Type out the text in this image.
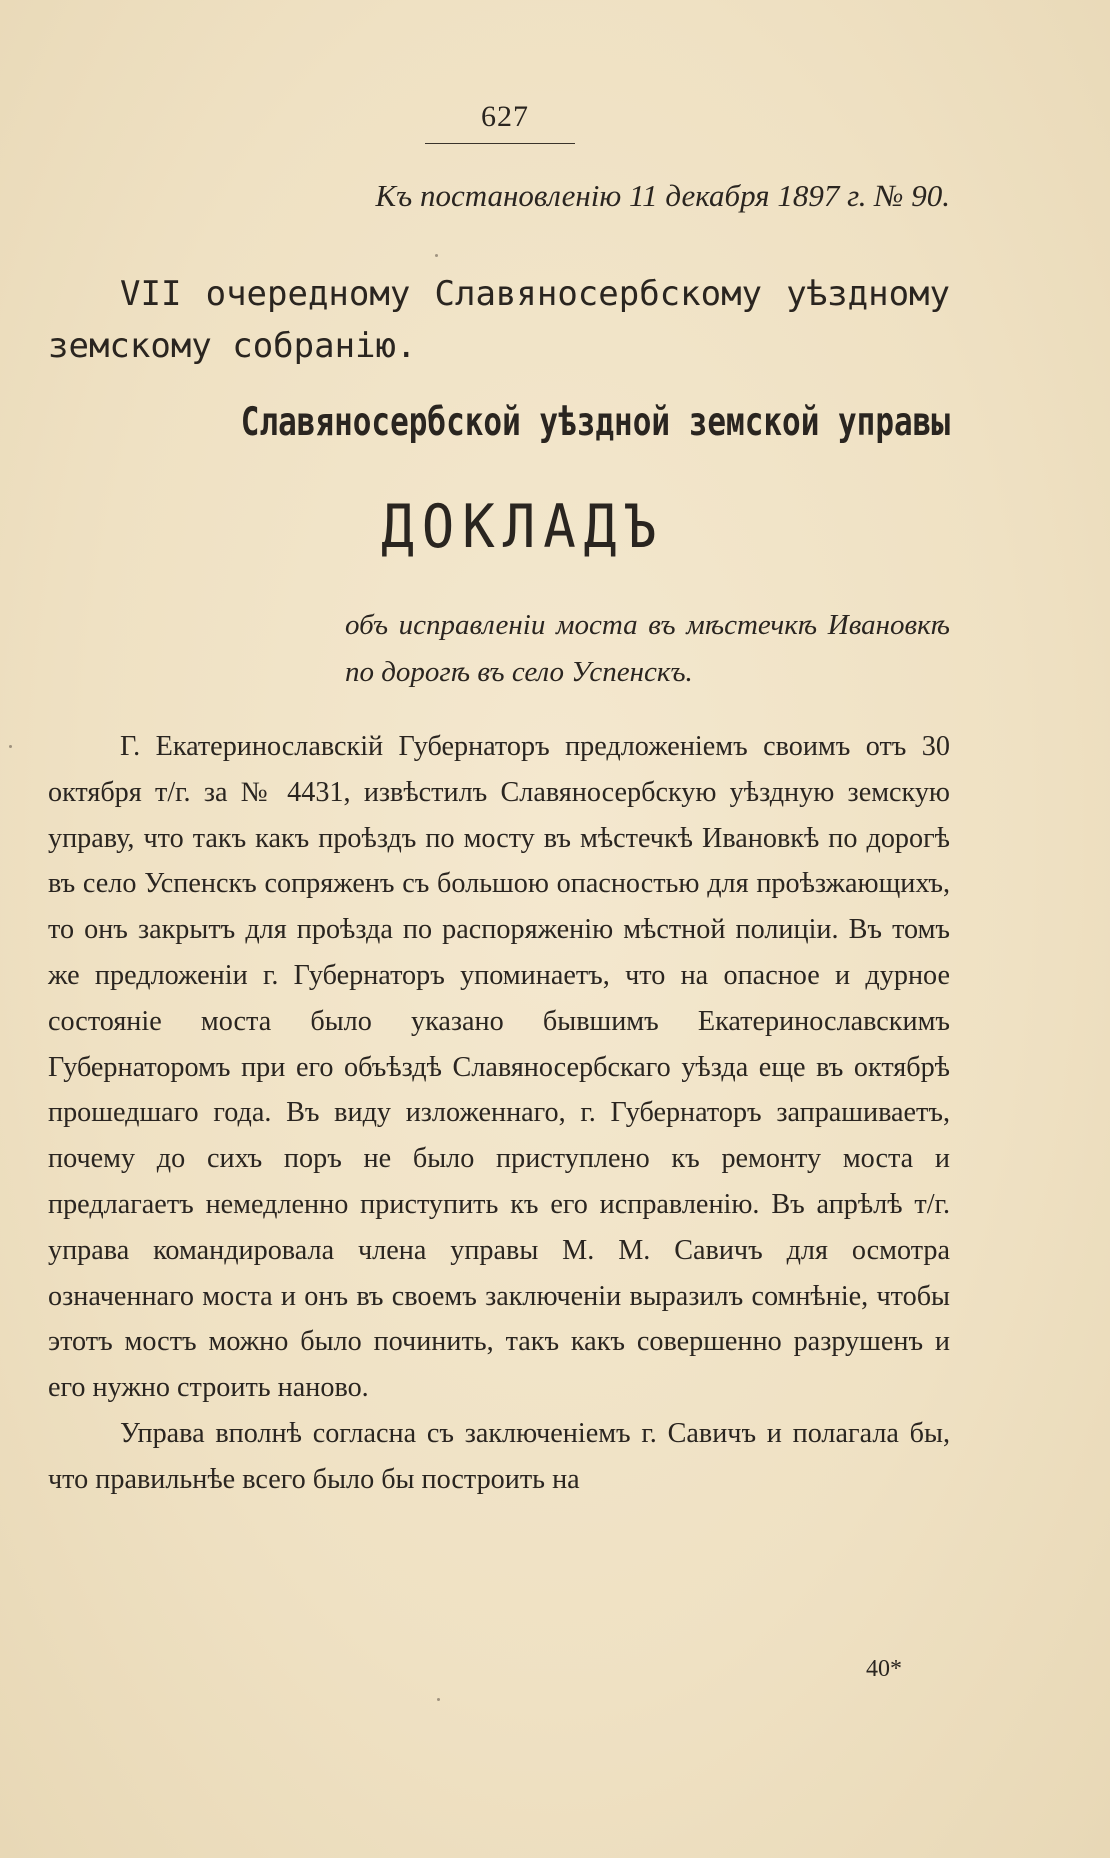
627
Къ постановленію 11 декабря 1897 г. № 90.
VII очередному Славяносербскому уѣздному земскому собранію.
Славяносербской уѣздной земской управы
ДОКЛАДЪ
объ исправленіи моста въ мѣстечкѣ Ивановкѣ по дорогѣ въ село Успенскъ.

Г. Екатеринославскій Губернаторъ предложеніемъ своимъ отъ 30 октября т/г. за № 4431, извѣстилъ Славяносербскую уѣздную земскую управу, что такъ какъ проѣздъ по мосту въ мѣстечкѣ Ивановкѣ по дорогѣ въ село Успенскъ сопряженъ съ большою опасностью для проѣзжающихъ, то онъ закрытъ для проѣзда по распоряженію мѣстной полиціи. Въ томъ же предложеніи г. Губернаторъ упоминаетъ, что на опасное и дурное состояніе моста было указано бывшимъ Екатеринославскимъ Губернаторомъ при его объѣздѣ Славяносербскаго уѣзда еще въ октябрѣ прошедшаго года. Въ виду изложеннаго, г. Губернаторъ запрашиваетъ, почему до сихъ поръ не было приступлено къ ремонту моста и предлагаетъ немедленно приступить къ его исправленію. Въ апрѣлѣ т/г. управа командировала члена управы М. М. Савичъ для осмотра означеннаго моста и онъ въ своемъ заключеніи выразилъ сомнѣніе, чтобы этотъ мостъ можно было починить, такъ какъ совершенно разрушенъ и его нужно строить наново.

Управа вполнѣ согласна съ заключеніемъ г. Савичъ и полагала бы, что правильнѣе всего было бы построить на

40*
